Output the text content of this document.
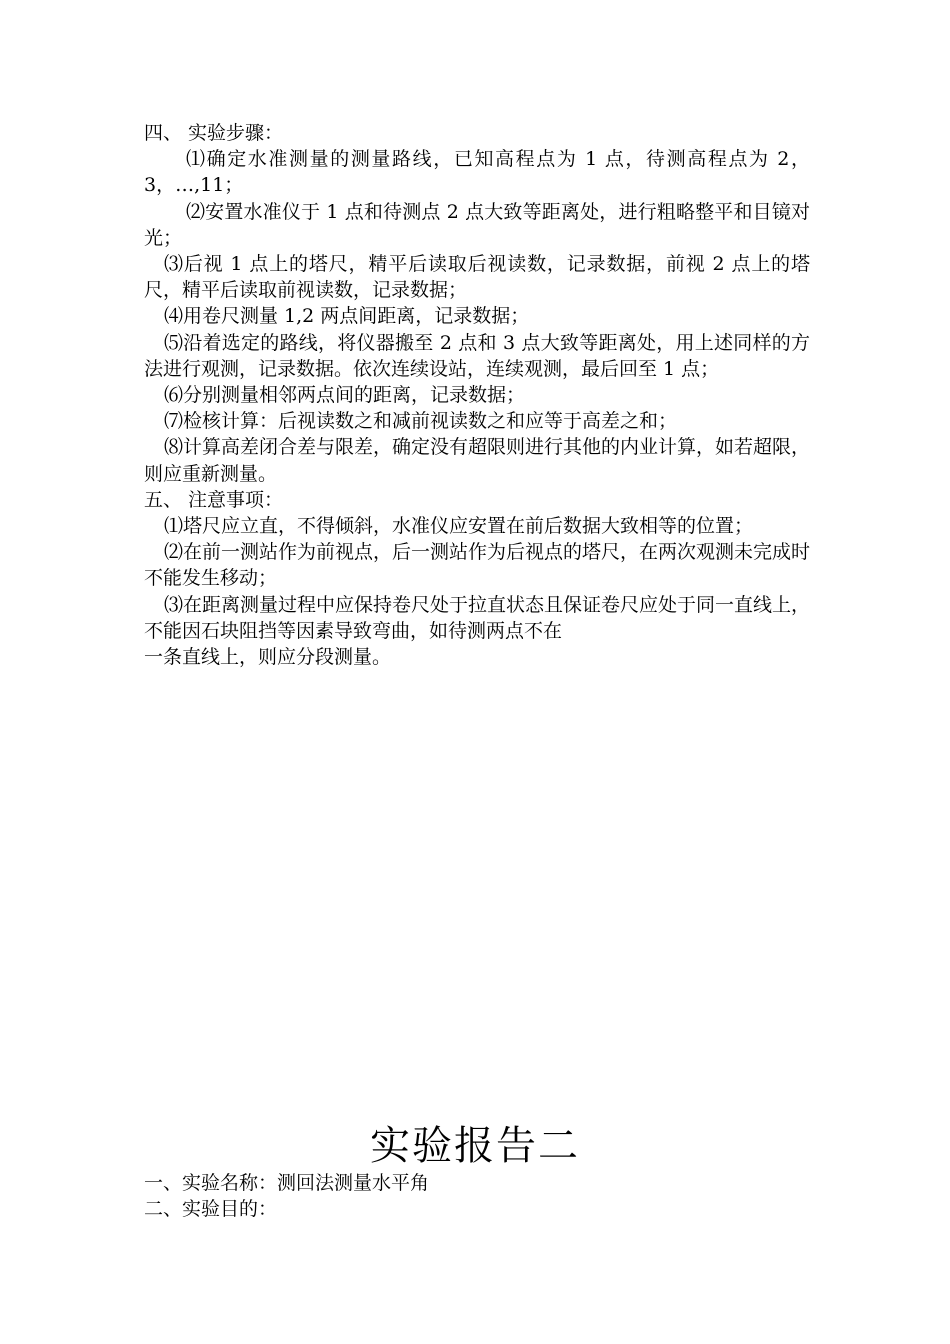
四、 实验步骤：

⑴确定水准测量的测量路线，已知高程点为 1 点，待测高程点为 2，3，…,11；

⑵安置水准仪于 1 点和待测点 2 点大致等距离处，进行粗略整平和目镜对光；

⑶后视 1 点上的塔尺，精平后读取后视读数，记录数据，前视 2 点上的塔尺，精平后读取前视读数，记录数据；

⑷用卷尺测量 1,2 两点间距离，记录数据；

⑸沿着选定的路线，将仪器搬至 2 点和 3 点大致等距离处，用上述同样的方法进行观测，记录数据。依次连续设站，连续观测，最后回至 1 点；

⑹分别测量相邻两点间的距离，记录数据；

⑺检核计算：后视读数之和减前视读数之和应等于高差之和；

⑻计算高差闭合差与限差，确定没有超限则进行其他的内业计算，如若超限，则应重新测量。

五、 注意事项：

⑴塔尺应立直，不得倾斜，水准仪应安置在前后数据大致相等的位置；

⑵在前一测站作为前视点，后一测站作为后视点的塔尺，在两次观测未完成时不能发生移动；

⑶在距离测量过程中应保持卷尺处于拉直状态且保证卷尺应处于同一直线上，不能因石块阻挡等因素导致弯曲，如待测两点不在

一条直线上，则应分段测量。

实验报告二

一、实验名称：测回法测量水平角

二、实验目的：
